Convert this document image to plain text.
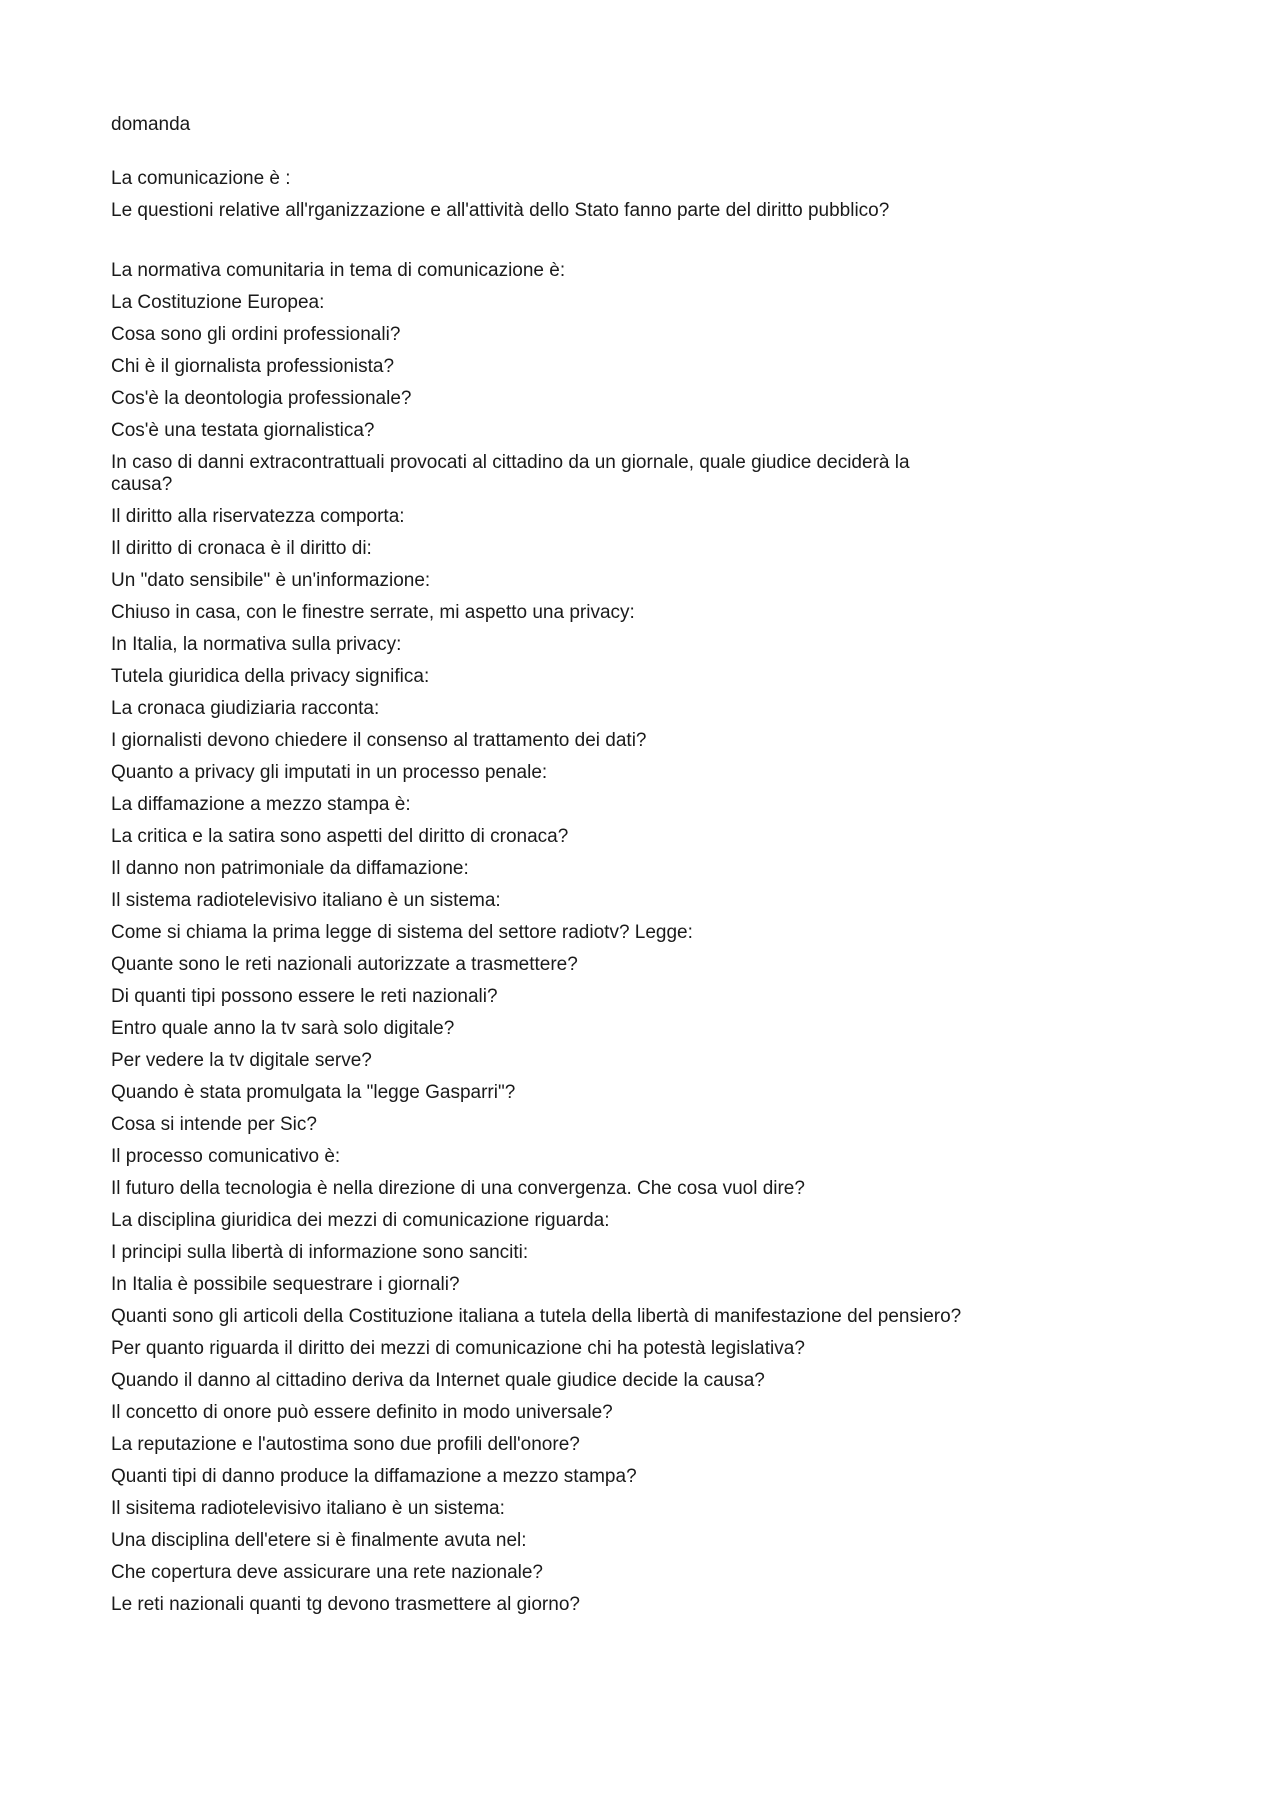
domanda
La comunicazione è :
Le questioni relative all'rganizzazione e all'attività dello Stato fanno parte del diritto pubblico?
La normativa comunitaria in tema di comunicazione è:
La Costituzione Europea:
Cosa sono gli ordini professionali?
Chi è il giornalista professionista?
Cos'è la deontologia professionale?
Cos'è una testata giornalistica?
In caso di danni extracontrattuali provocati al cittadino da un giornale, quale giudice deciderà la causa?
Il diritto alla riservatezza comporta:
Il diritto di cronaca è il diritto di:
Un "dato sensibile" è un'informazione:
Chiuso in casa, con le finestre serrate, mi aspetto una privacy:
In Italia, la normativa sulla privacy:
Tutela giuridica della privacy significa:
La cronaca giudiziaria racconta:
I giornalisti devono chiedere il consenso al trattamento dei dati?
Quanto a privacy gli imputati in un processo penale:
La diffamazione a mezzo stampa è:
La critica e la satira sono aspetti del diritto di cronaca?
Il danno non patrimoniale da diffamazione:
Il sistema radiotelevisivo italiano è un sistema:
Come si chiama la prima legge di sistema del settore radiotv? Legge:
Quante sono le reti nazionali autorizzate a trasmettere?
Di quanti tipi possono essere le reti nazionali?
Entro quale anno la tv sarà solo digitale?
Per vedere la tv digitale serve?
Quando è stata promulgata la "legge Gasparri"?
Cosa si intende per Sic?
Il processo comunicativo è:
Il futuro della tecnologia è nella direzione di una convergenza. Che cosa vuol dire?
La disciplina giuridica dei mezzi di comunicazione riguarda:
I principi sulla libertà di informazione sono sanciti:
In Italia è possibile sequestrare i giornali?
Quanti sono gli articoli della Costituzione italiana a tutela della libertà di manifestazione del pensiero?
Per quanto riguarda il diritto dei mezzi di comunicazione chi ha potestà legislativa?
Quando il danno al cittadino deriva da Internet quale giudice decide la causa?
Il concetto di onore può essere definito in modo universale?
La reputazione e l'autostima sono due profili dell'onore?
Quanti tipi di danno produce la diffamazione a mezzo stampa?
Il sisitema radiotelevisivo italiano è un sistema:
Una disciplina dell'etere si è finalmente avuta nel:
Che copertura deve assicurare una rete nazionale?
Le reti nazionali quanti tg devono trasmettere al giorno?
